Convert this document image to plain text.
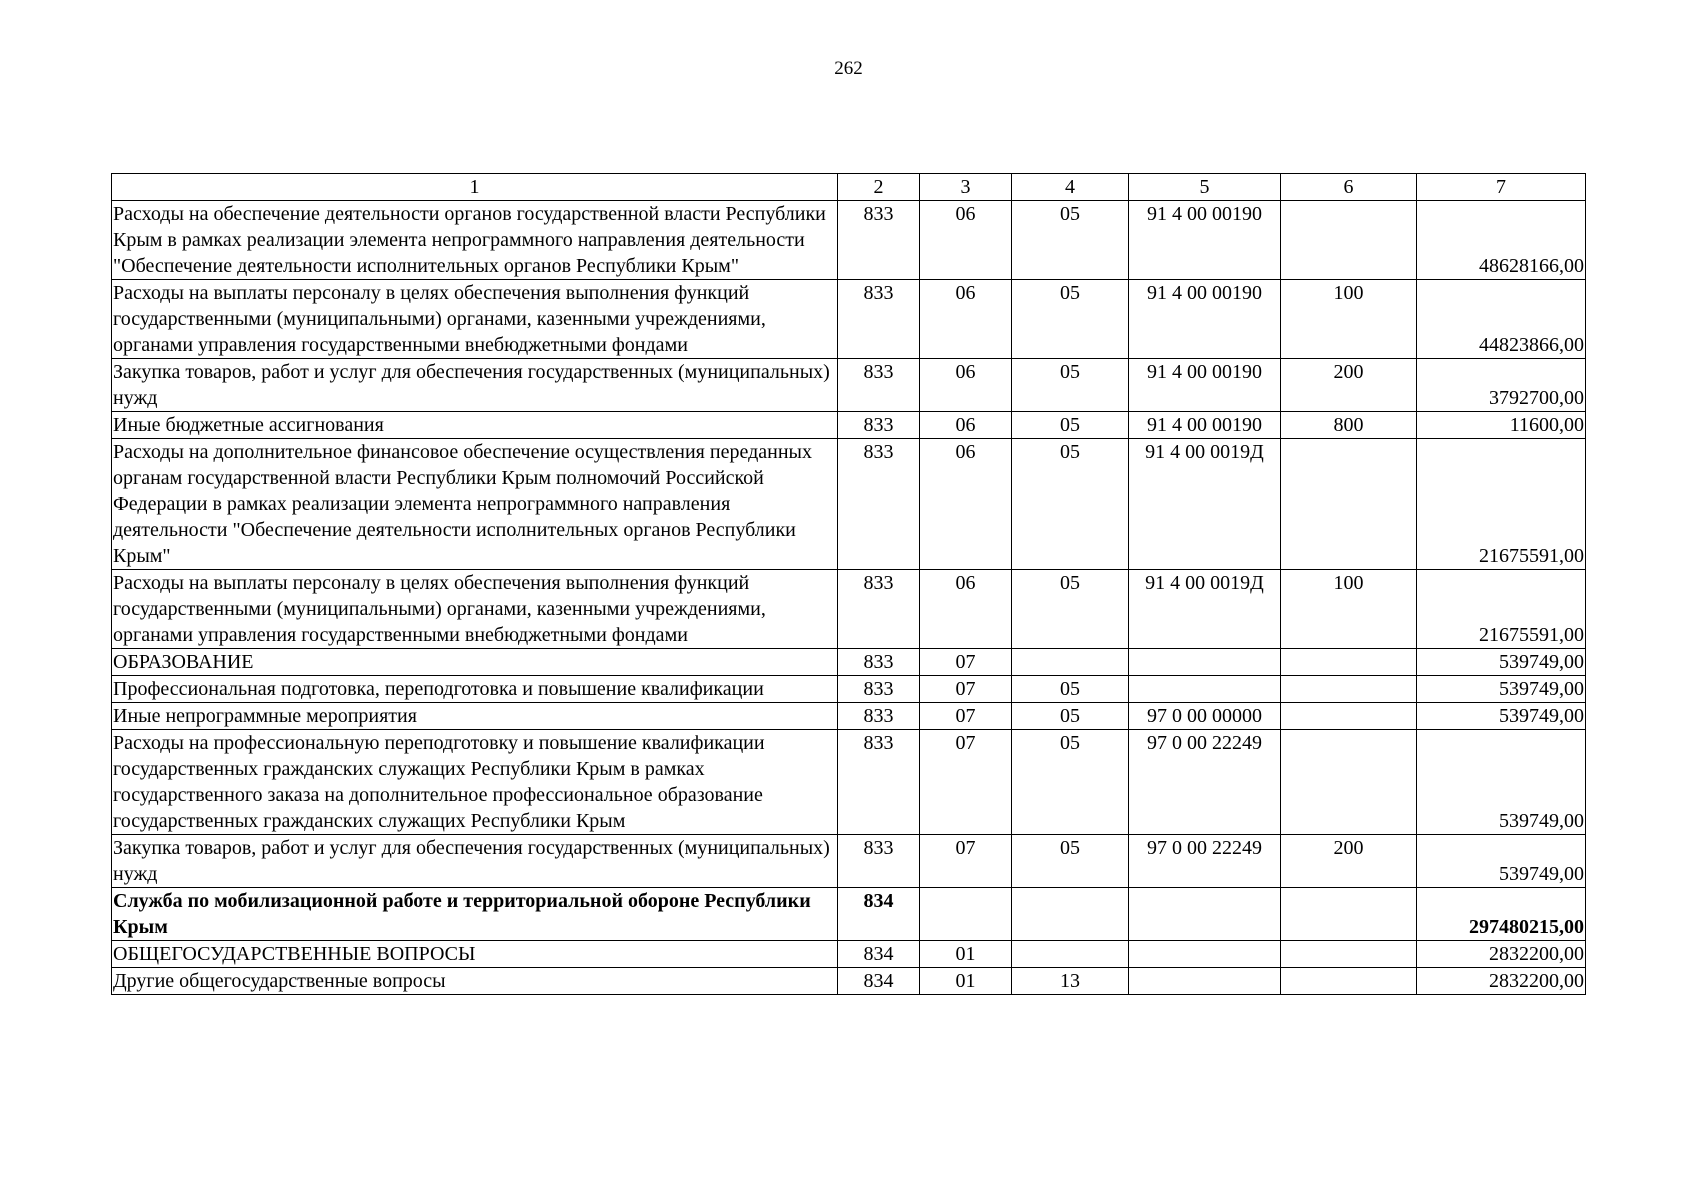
262
1	2	3	4	5	6	7
Расходы на обеспечение деятельности органов государственной власти Республики Крым в рамках реализации элемента непрограммного направления деятельности "Обеспечение деятельности исполнительных органов Республики Крым"	833	06	05	91 4 00 00190		48628166,00
Расходы на выплаты персоналу в целях обеспечения выполнения функций государственными (муниципальными) органами, казенными учреждениями, органами управления государственными внебюджетными фондами	833	06	05	91 4 00 00190	100	44823866,00
Закупка товаров, работ и услуг для обеспечения государственных (муниципальных) нужд	833	06	05	91 4 00 00190	200	3792700,00
Иные бюджетные ассигнования	833	06	05	91 4 00 00190	800	11600,00
Расходы на дополнительное финансовое обеспечение осуществления переданных органам государственной власти Республики Крым полномочий Российской Федерации в рамках реализации элемента непрограммного направления деятельности "Обеспечение деятельности исполнительных органов Республики Крым"	833	06	05	91 4 00 0019Д		21675591,00
Расходы на выплаты персоналу в целях обеспечения выполнения функций государственными (муниципальными) органами, казенными учреждениями, органами управления государственными внебюджетными фондами	833	06	05	91 4 00 0019Д	100	21675591,00
ОБРАЗОВАНИЕ	833	07				539749,00
Профессиональная подготовка, переподготовка и повышение квалификации	833	07	05			539749,00
Иные непрограммные мероприятия	833	07	05	97 0 00 00000		539749,00
Расходы на профессиональную переподготовку и повышение квалификации государственных гражданских служащих Республики Крым в рамках государственного заказа на дополнительное профессиональное образование государственных гражданских служащих Республики Крым	833	07	05	97 0 00 22249		539749,00
Закупка товаров, работ и услуг для обеспечения государственных (муниципальных) нужд	833	07	05	97 0 00 22249	200	539749,00
Служба по мобилизационной работе и территориальной обороне Республики Крым	834					297480215,00
ОБЩЕГОСУДАРСТВЕННЫЕ ВОПРОСЫ	834	01				2832200,00
Другие общегосударственные вопросы	834	01	13			2832200,00
